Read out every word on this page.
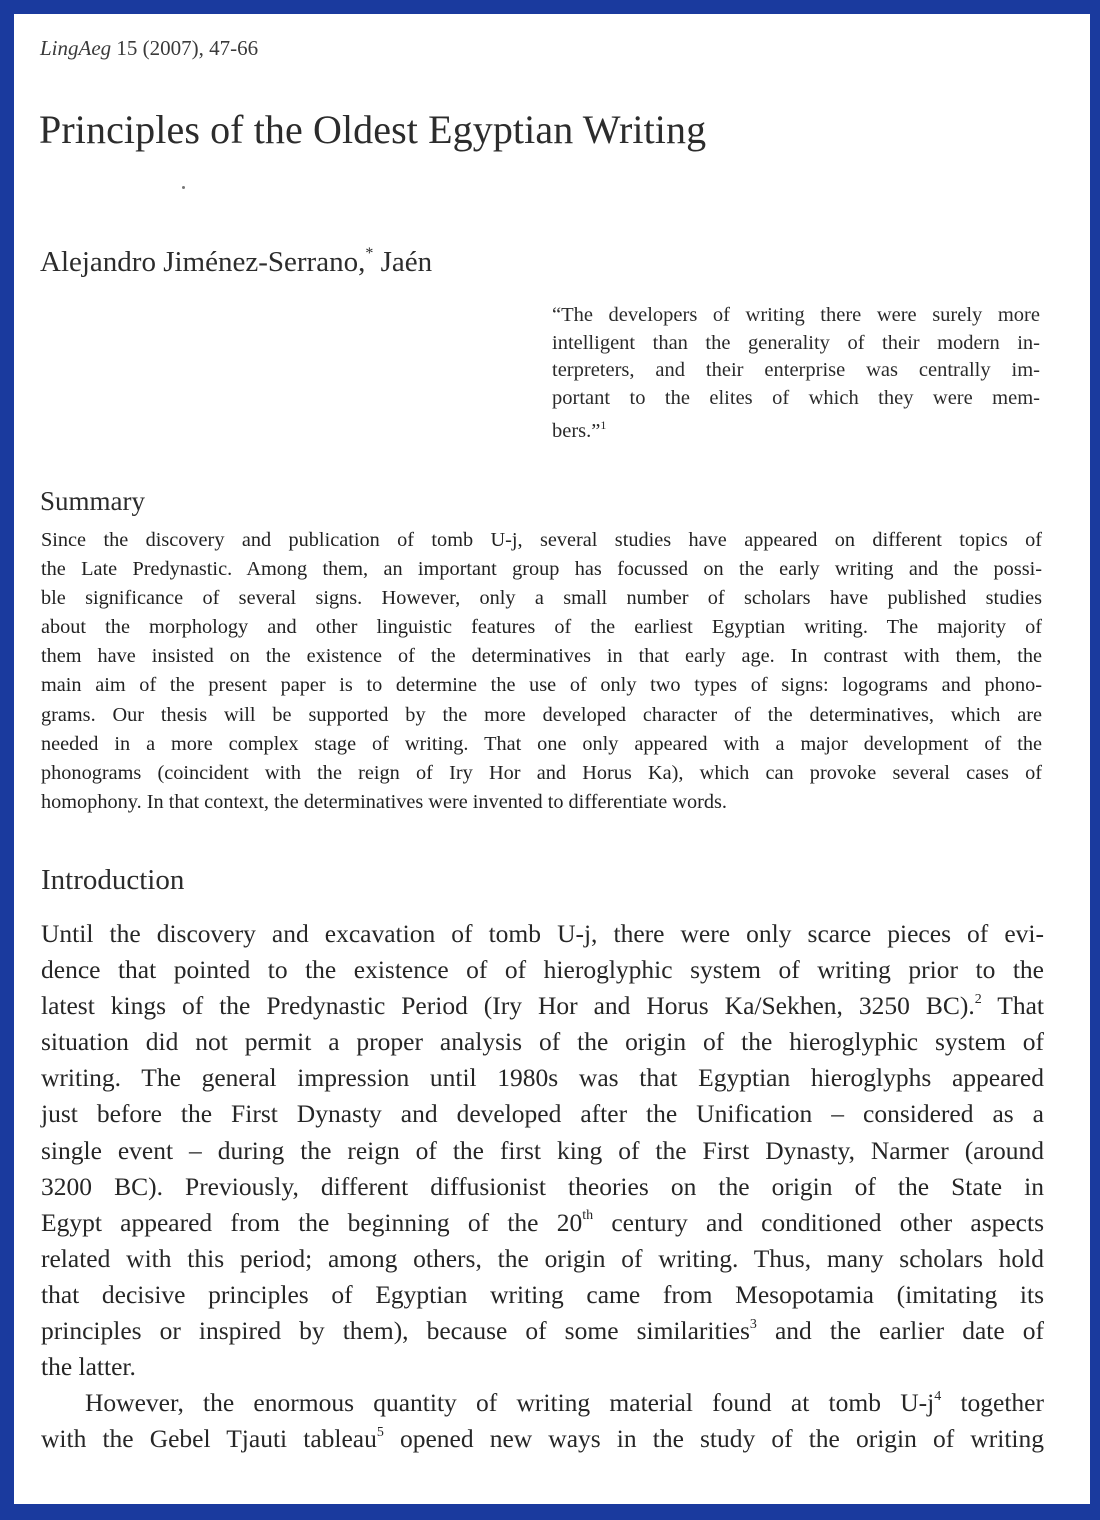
LingAeg 15 (2007), 47-66
Principles of the Oldest Egyptian Writing
Alejandro Jiménez-Serrano,* Jaén
“The developers of writing there were surely more
intelligent than the generality of their modern in-
terpreters, and their enterprise was centrally im-
portant to the elites of which they were mem-
bers.”$^1$
Summary
Since the discovery and publication of tomb U-j, several studies have appeared on different topics of
the Late Predynastic. Among them, an important group has focussed on the early writing and the possi-
ble significance of several signs. However, only a small number of scholars have published studies
about the morphology and other linguistic features of the earliest Egyptian writing. The majority of
them have insisted on the existence of the determinatives in that early age. In contrast with them, the
main aim of the present paper is to determine the use of only two types of signs: logograms and phono-
grams. Our thesis will be supported by the more developed character of the determinatives, which are
needed in a more complex stage of writing. That one only appeared with a major development of the
phonograms (coincident with the reign of Iry Hor and Horus Ka), which can provoke several cases of
homophony. In that context, the determinatives were invented to differentiate words.
Introduction
Until the discovery and excavation of tomb U-j, there were only scarce pieces of evi-
dence that pointed to the existence of of hieroglyphic system of writing prior to the
latest kings of the Predynastic Period (Iry Hor and Horus Ka/Sekhen, 3250 BC).$^2$ That
situation did not permit a proper analysis of the origin of the hieroglyphic system of
writing. The general impression until 1980s was that Egyptian hieroglyphs appeared
just before the First Dynasty and developed after the Unification – considered as a
single event – during the reign of the first king of the First Dynasty, Narmer (around
3200 BC). Previously, different diffusionist theories on the origin of the State in
Egypt appeared from the beginning of the 20th century and conditioned other aspects
related with this period; among others, the origin of writing. Thus, many scholars hold
that decisive principles of Egyptian writing came from Mesopotamia (imitating its
principles or inspired by them), because of some similarities$^3$ and the earlier date of
the latter.
However, the enormous quantity of writing material found at tomb $U-j^4$ together
with the Gebel Tjauti tableau$^5$ opened new ways in the study of the origin of writing
